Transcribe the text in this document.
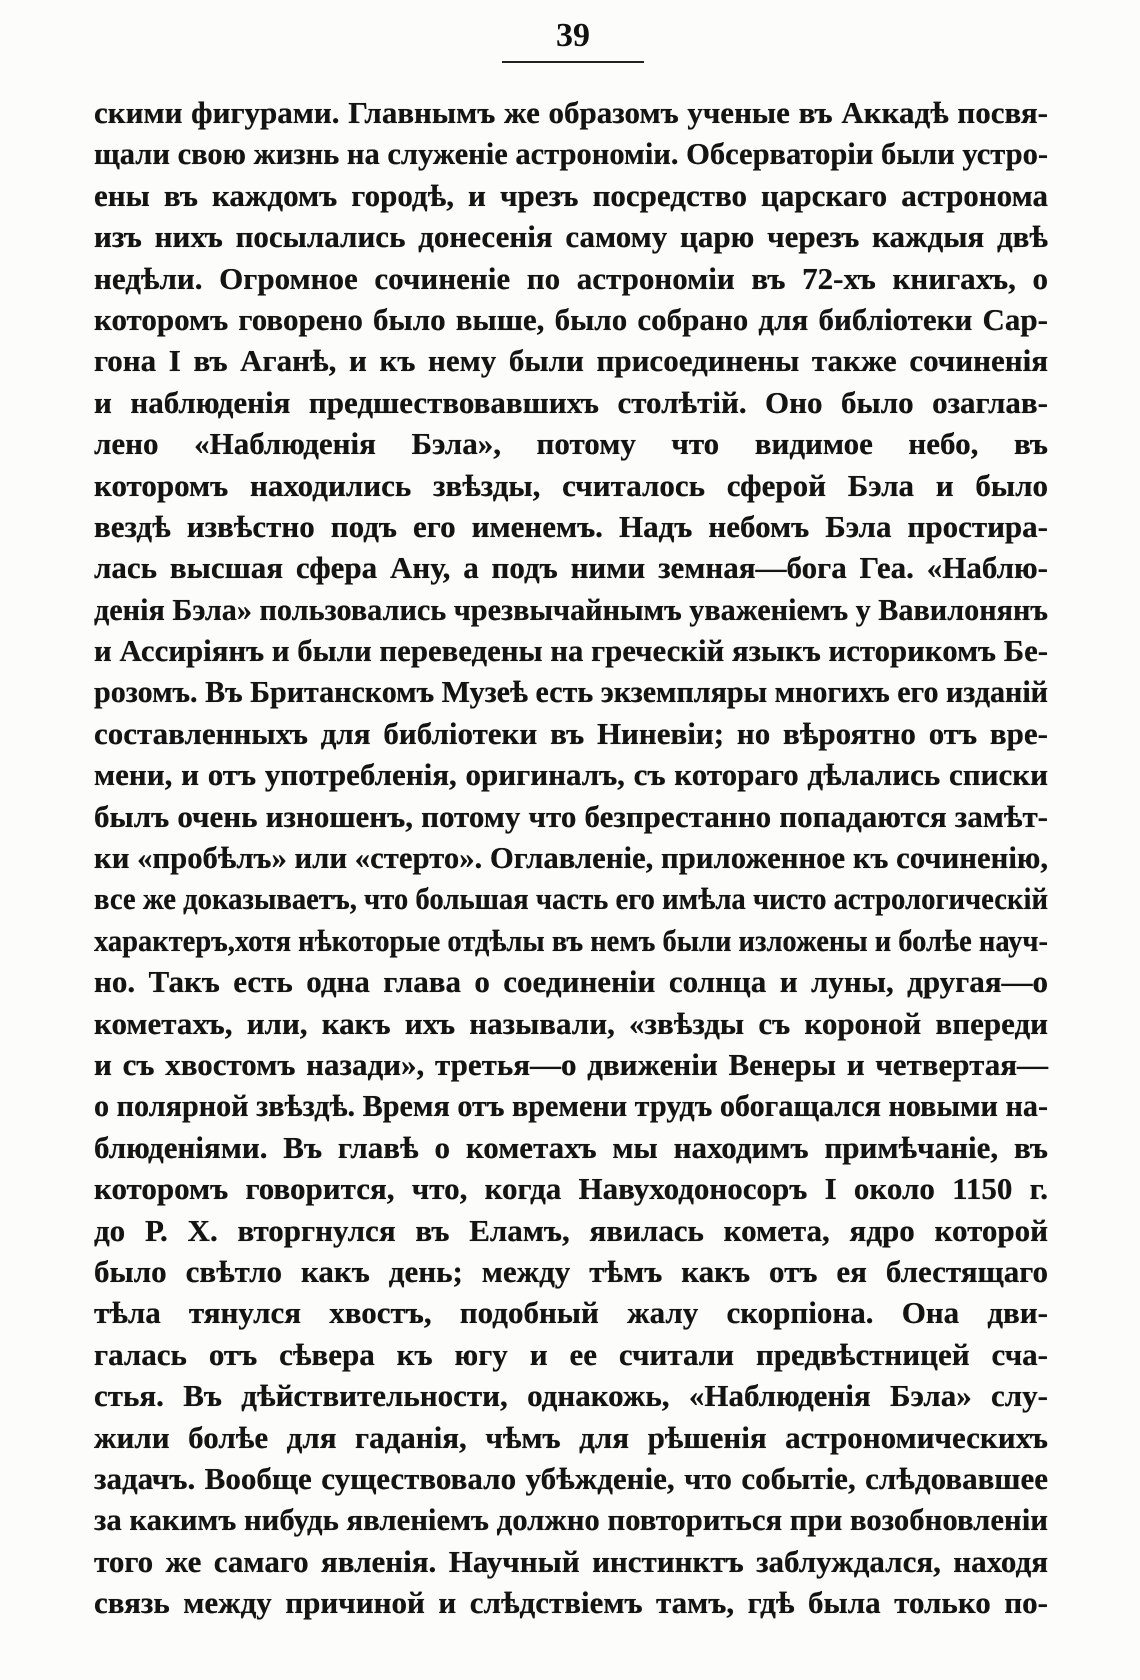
39
скими фигурами. Главнымъ же образомъ ученые въ Аккадѣ посвя-
щали свою жизнь на служеніе астрономіи. Обсерваторіи были устро-
ены въ каждомъ городѣ, и чрезъ посредство царскаго астронома
изъ нихъ посылались донесенія самому царю черезъ каждыя двѣ
недѣли. Огромное сочиненіе по астрономіи въ 72-хъ книгахъ, о
которомъ говорено было выше, было собрано для библіотеки Сар-
гона I въ Аганѣ, и къ нему были присоединены также сочиненія
и наблюденія предшествовавшихъ столѣтій. Оно было озаглав-
лено «Наблюденія Бэла», потому что видимое небо, въ
которомъ находились звѣзды, считалось сферой Бэла и было
вездѣ извѣстно подъ его именемъ. Надъ небомъ Бэла простира-
лась высшая сфера Ану, а подъ ними земная—бога Геа. «Наблю-
денія Бэла» пользовались чрезвычайнымъ уваженіемъ у Вавилонянъ
и Ассиріянъ и были переведены на греческій языкъ историкомъ Бе-
розомъ. Въ Британскомъ Музеѣ есть экземпляры многихъ его изданій
составленныхъ для библіотеки въ Ниневіи; но вѣроятно отъ вре-
мени, и отъ употребленія, оригиналъ, съ котораго дѣлались списки
былъ очень изношенъ, потому что безпрестанно попадаются замѣт-
ки «пробѣлъ» или «стерто». Оглавленіе, приложенное къ сочиненію,
все же доказываетъ, что большая часть его имѣла чисто астрологическій
характеръ,хотя нѣкоторые отдѣлы въ немъ были изложены и болѣе науч-
но. Такъ есть одна глава о соединеніи солнца и луны, другая—о
кометахъ, или, какъ ихъ называли, «звѣзды съ короной впереди
и съ хвостомъ назади», третья—о движеніи Венеры и четвертая—
о полярной звѣздѣ. Время отъ времени трудъ обогащался новыми на-
блюденіями. Въ главѣ о кометахъ мы находимъ примѣчаніе, въ
которомъ говорится, что, когда Навуходоносоръ I около 1150 г.
до Р. Х. вторгнулся въ Еламъ, явилась комета, ядро которой
было свѣтло какъ день; между тѣмъ какъ отъ ея блестящаго
тѣла тянулся хвостъ, подобный жалу скорпіона. Она дви-
галась отъ сѣвера къ югу и ее считали предвѣстницей сча-
стья. Въ дѣйствительности, однакожь, «Наблюденія Бэла» слу-
жили болѣе для гаданія, чѣмъ для рѣшенія астрономическихъ
задачъ. Вообще существовало убѣжденіе, что событіе, слѣдовавшее
за какимъ нибудь явленіемъ должно повториться при возобновленіи
того же самаго явленія. Научный инстинктъ заблуждался, находя
связь между причиной и слѣдствіемъ тамъ, гдѣ была только по-
